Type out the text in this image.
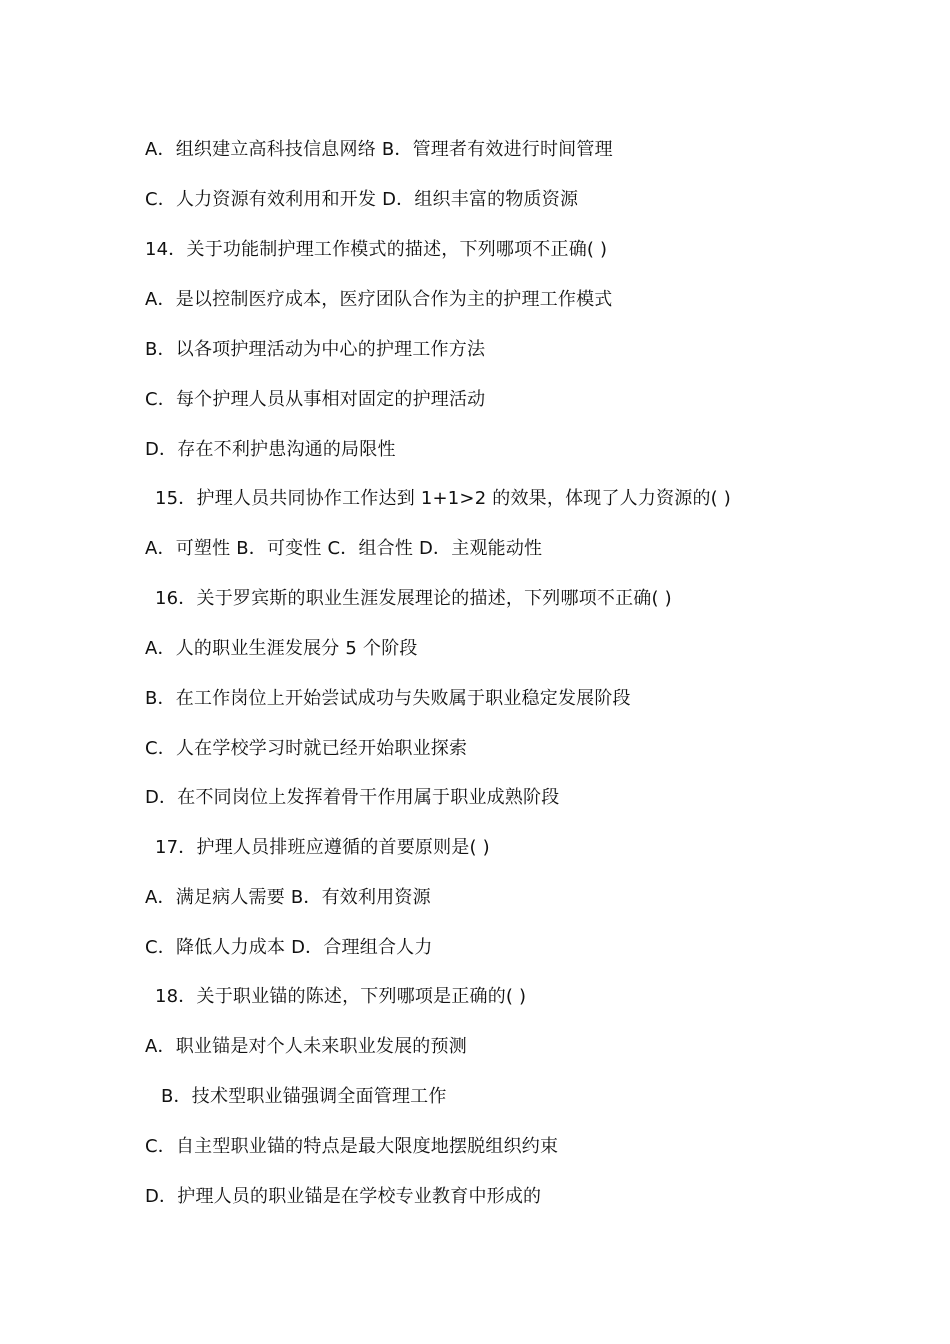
A．组织建立高科技信息网络 B．管理者有效进行时间管理
C．人力资源有效利用和开发 D．组织丰富的物质资源
14．关于功能制护理工作模式的描述，下列哪项不正确( )
A．是以控制医疗成本，医疗团队合作为主的护理工作模式
B．以各项护理活动为中心的护理工作方法
C．每个护理人员从事相对固定的护理活动
D．存在不利护患沟通的局限性
15．护理人员共同协作工作达到 1+1>2 的效果，体现了人力资源的( )
A．可塑性 B．可变性 C．组合性 D．主观能动性
16．关于罗宾斯的职业生涯发展理论的描述，下列哪项不正确( )
A．人的职业生涯发展分 5 个阶段
B．在工作岗位上开始尝试成功与失败属于职业稳定发展阶段
C．人在学校学习时就已经开始职业探索
D．在不同岗位上发挥着骨干作用属于职业成熟阶段
17．护理人员排班应遵循的首要原则是( )
A．满足病人需要 B．有效利用资源
C．降低人力成本 D．合理组合人力
18．关于职业锚的陈述，下列哪项是正确的( )
A．职业锚是对个人未来职业发展的预测
B．技术型职业锚强调全面管理工作
C．自主型职业锚的特点是最大限度地摆脱组织约束
D．护理人员的职业锚是在学校专业教育中形成的
